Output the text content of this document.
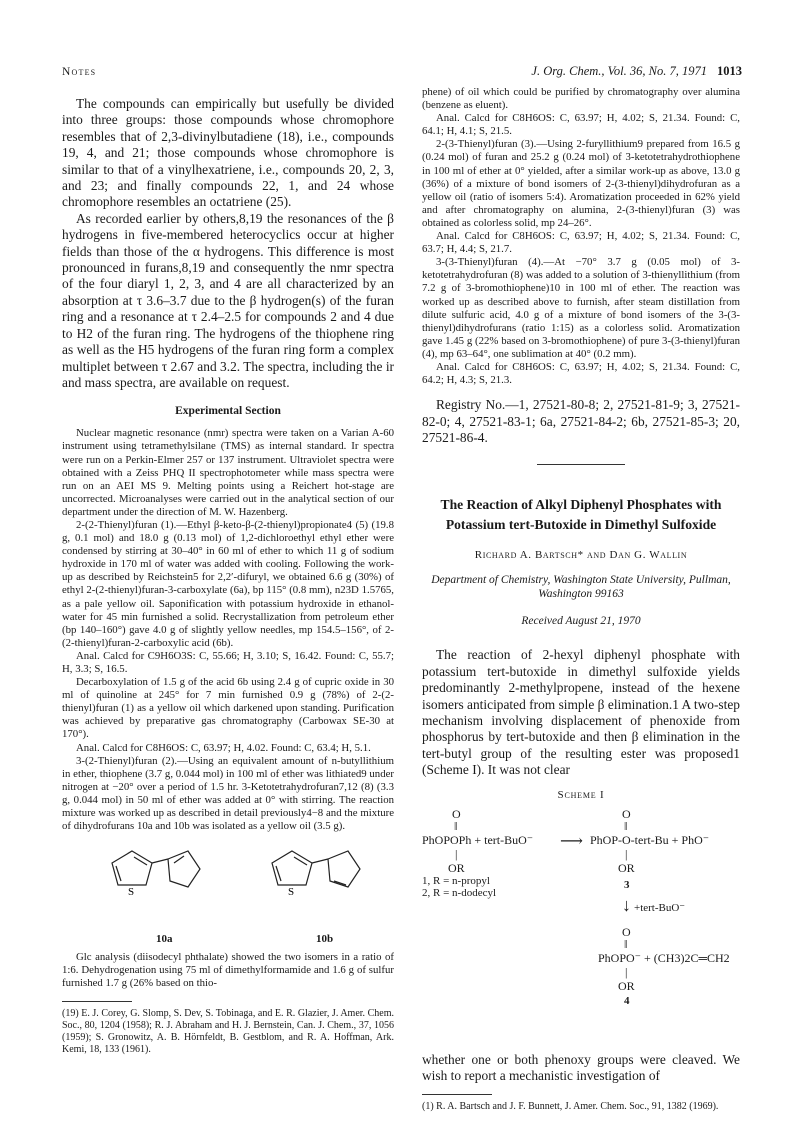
Notes	J. Org. Chem., Vol. 36, No. 7, 1971 1013

The compounds can empirically but usefully be divided into three groups: those compounds whose chromophore resembles that of 2,3-divinylbutadiene (18), i.e., compounds 19, 4, and 21; those compounds whose chromophore is similar to that of a vinylhexatriene, i.e., compounds 20, 2, 3, and 23; and finally compounds 22, 1, and 24 whose chromophore resembles an octatriene (25).

As recorded earlier by others,8,19 the resonances of the β hydrogens in five-membered heterocyclics occur at higher fields than those of the α hydrogens. This difference is most pronounced in furans,8,19 and consequently the nmr spectra of the four diaryl 1, 2, 3, and 4 are all characterized by an absorption at τ 3.6–3.7 due to the β hydrogen(s) of the furan ring and a resonance at τ 2.4–2.5 for compounds 2 and 4 due to H2 of the furan ring. The hydrogens of the thiophene ring as well as the H5 hydrogens of the furan ring form a complex multiplet between τ 2.67 and 3.2. The spectra, including the ir and mass spectra, are available on request.

Experimental Section

Nuclear magnetic resonance (nmr) spectra were taken on a Varian A-60 instrument using tetramethylsilane (TMS) as internal standard. Ir spectra were run on a Perkin-Elmer 257 or 137 instrument. Ultraviolet spectra were obtained with a Zeiss PHQ II spectrophotometer while mass spectra were run on an AEI MS 9. Melting points using a Reichert hot-stage are uncorrected. Microanalyses were carried out in the analytical section of our department under the direction of M. W. Hazenberg.

2-(2-Thienyl)furan (1).—Ethyl β-keto-β-(2-thienyl)propionate4 (5) (19.8 g, 0.1 mol) and 18.0 g (0.13 mol) of 1,2-dichloroethyl ethyl ether were condensed by stirring at 30–40° in 60 ml of ether to which 11 g of sodium hydroxide in 170 ml of water was added with cooling. Following the work-up as described by Reichstein5 for 2,2′-difuryl, we obtained 6.6 g (30%) of ethyl 2-(2-thienyl)furan-3-carboxylate (6a), bp 115° (0.8 mm), n23D 1.5765, as a pale yellow oil. Saponification with potassium hydroxide in ethanol-water for 45 min furnished a solid. Recrystallization from petroleum ether (bp 140–160°) gave 4.0 g of slightly yellow needles, mp 154.5–156°, of 2-(2-thienyl)furan-2-carboxylic acid (6b).

Anal. Calcd for C9H6O3S: C, 55.66; H, 3.10; S, 16.42. Found: C, 55.7; H, 3.3; S, 16.5.

Decarboxylation of 1.5 g of the acid 6b using 2.4 g of cupric oxide in 30 ml of quinoline at 245° for 7 min furnished 0.9 g (78%) of 2-(2-thienyl)furan (1) as a yellow oil which darkened upon standing. Purification was achieved by preparative gas chromatography (Carbowax SE-30 at 170°).

Anal. Calcd for C8H6OS: C, 63.97; H, 4.02. Found: C, 63.4; H, 5.1.

3-(2-Thienyl)furan (2).—Using an equivalent amount of n-butyllithium in ether, thiophene (3.7 g, 0.044 mol) in 100 ml of ether was lithiated9 under nitrogen at −20° over a period of 1.5 hr. 3-Ketotetrahydrofuran7,12 (8) (3.3 g, 0.044 mol) in 50 ml of ether was added at 0° with stirring. The reaction mixture was worked up as described in detail previously4−8 and the mixture of dihydrofurans 10a and 10b was isolated as a yellow oil (3.5 g).

S	S
10a	10b

Glc analysis (diisodecyl phthalate) showed the two isomers in a ratio of 1:6. Dehydrogenation using 75 ml of dimethylformamide and 1.6 g of sulfur furnished 1.7 g (26% based on thio-

(19) E. J. Corey, G. Slomp, S. Dev, S. Tobinaga, and E. R. Glazier, J. Amer. Chem. Soc., 80, 1204 (1958); R. J. Abraham and H. J. Bernstein, Can. J. Chem., 37, 1056 (1959); S. Gronowitz, A. B. Hörnfeldt, B. Gestblom, and R. A. Hoffman, Ark. Kemi, 18, 133 (1961).

phene) of oil which could be purified by chromatography over alumina (benzene as eluent).

Anal. Calcd for C8H6OS: C, 63.97; H, 4.02; S, 21.34. Found: C, 64.1; H, 4.1; S, 21.5.

2-(3-Thienyl)furan (3).—Using 2-furyllithium9 prepared from 16.5 g (0.24 mol) of furan and 25.2 g (0.24 mol) of 3-ketotetrahydrothiophene in 100 ml of ether at 0° yielded, after a similar work-up as above, 13.0 g (36%) of a mixture of bond isomers of 2-(3-thienyl)dihydrofuran as a yellow oil (ratio of isomers 5:4). Aromatization proceeded in 62% yield and after chromatography on alumina, 2-(3-thienyl)furan (3) was obtained as colorless solid, mp 24–26°.

Anal. Calcd for C8H6OS: C, 63.97; H, 4.02; S, 21.34. Found: C, 63.7; H, 4.4; S, 21.7.

3-(3-Thienyl)furan (4).—At −70° 3.7 g (0.05 mol) of 3-ketotetrahydrofuran (8) was added to a solution of 3-thienyllithium (from 7.2 g of 3-bromothiophene)10 in 100 ml of ether. The reaction was worked up as described above to furnish, after steam distillation from dilute sulfuric acid, 4.0 g of a mixture of bond isomers of the 3-(3-thienyl)dihydrofurans (ratio 1:15) as a colorless solid. Aromatization gave 1.45 g (22% based on 3-bromothiophene) of pure 3-(3-thienyl)furan (4), mp 63–64°, one sublimation at 40° (0.2 mm).

Anal. Calcd for C8H6OS: C, 63.97; H, 4.02; S, 21.34. Found: C, 64.2; H, 4.3; S, 21.3.

Registry No.—1, 27521-80-8; 2, 27521-81-9; 3, 27521-82-0; 4, 27521-83-1; 6a, 27521-84-2; 6b, 27521-85-3; 20, 27521-86-4.

The Reaction of Alkyl Diphenyl Phosphates with Potassium tert-Butoxide in Dimethyl Sulfoxide
Richard A. Bartsch* and Dan G. Wallin
Department of Chemistry, Washington State University, Pullman, Washington 99163
Received August 21, 1970

The reaction of 2-hexyl diphenyl phosphate with potassium tert-butoxide in dimethyl sulfoxide yields predominantly 2-methylpropene, instead of the hexene isomers anticipated from simple β elimination.1 A two-step mechanism involving displacement of phenoxide from phosphorus by tert-butoxide and then β elimination in the tert-butyl group of the resulting ester was proposed1 (Scheme I). It was not clear

Scheme I
O	O
‖	‖
PhOPOPh + tert-BuO⁻ ⟶ PhOP-O-tert-Bu + PhO⁻
|	|
OR	OR
1, R = n-propyl
2, R = n-dodecyl
3
↓ +tert-BuO⁻
O
‖
PhOPO⁻ + (CH3)2C═CH2
|
OR
4

whether one or both phenoxy groups were cleaved. We wish to report a mechanistic investigation of

(1) R. A. Bartsch and J. F. Bunnett, J. Amer. Chem. Soc., 91, 1382 (1969).
